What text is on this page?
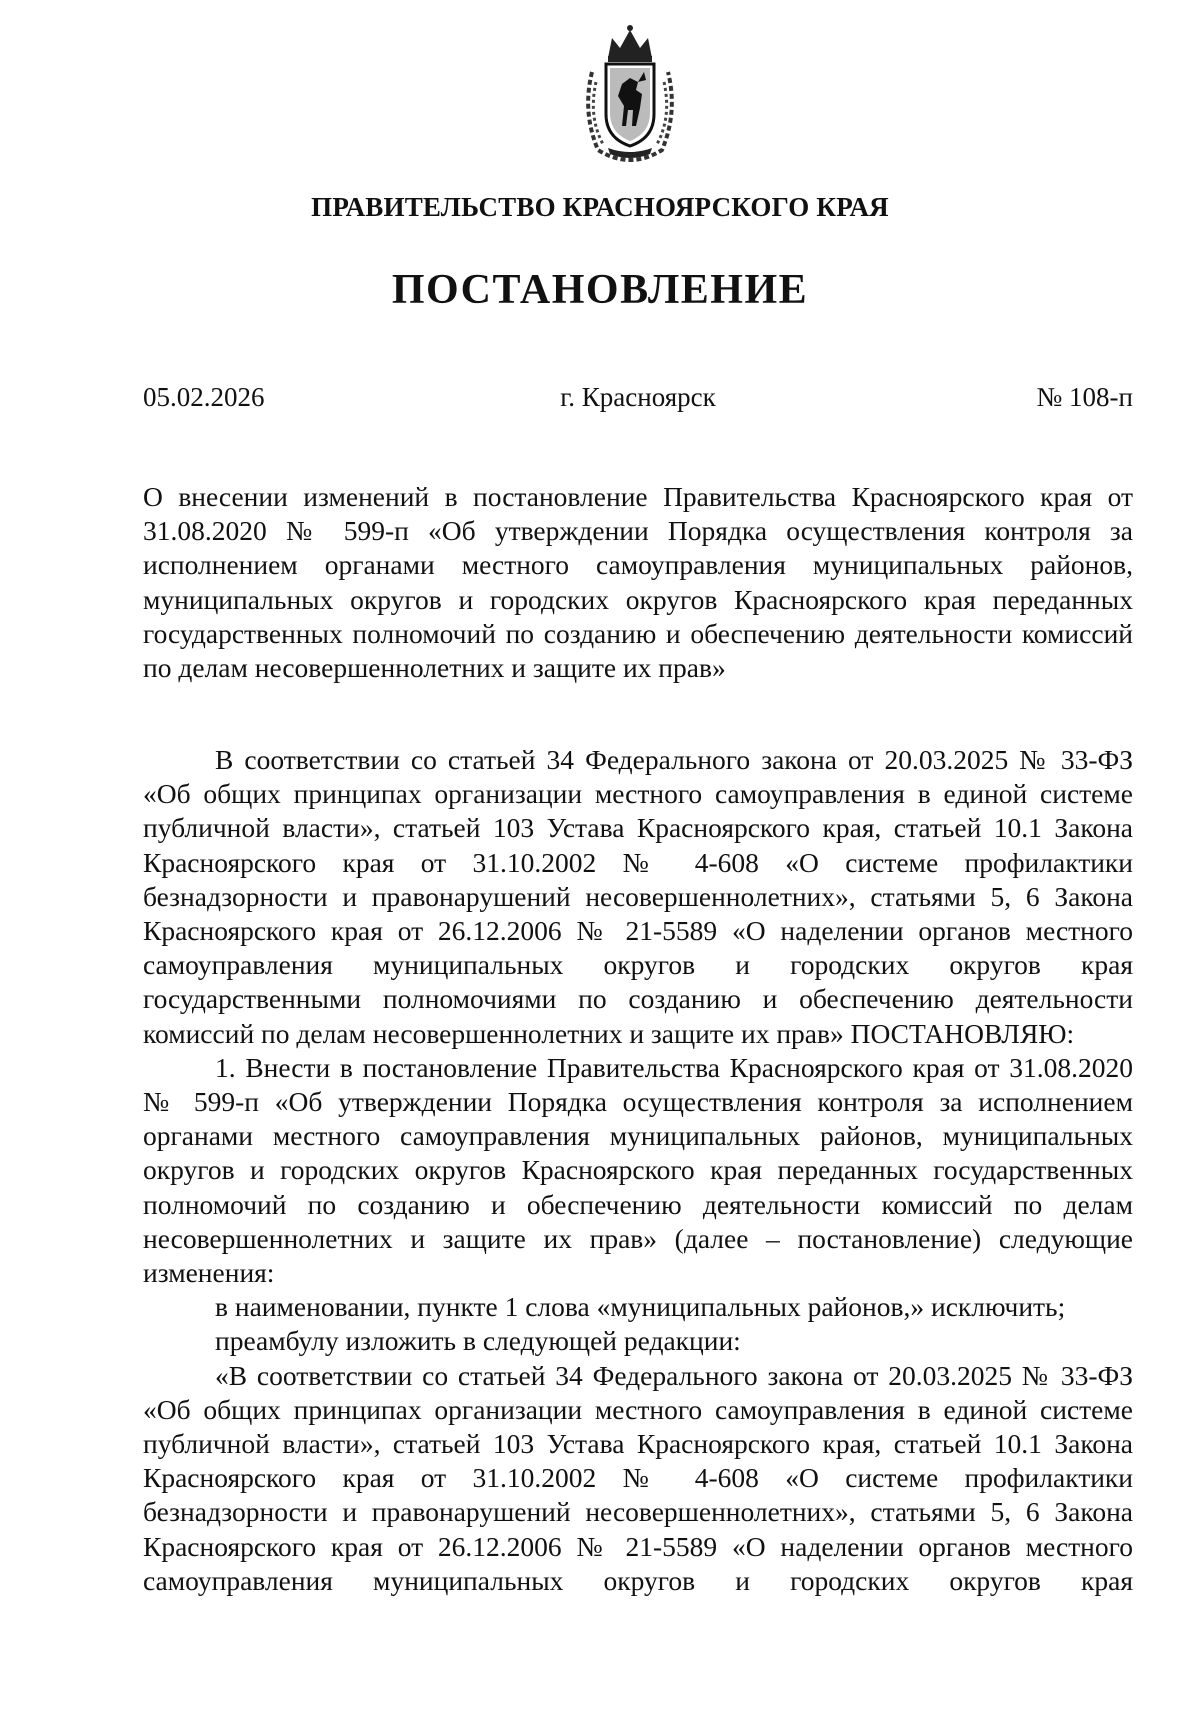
ПРАВИТЕЛЬСТВО КРАСНОЯРСКОГО КРАЯ
ПОСТАНОВЛЕНИЕ
05.02.2026	г. Красноярск	№ 108-п

О внесении изменений в постановление Правительства Красноярского края от 31.08.2020 № 599-п «Об утверждении Порядка осуществления контроля за исполнением органами местного самоуправления муниципальных районов, муниципальных округов и городских округов Красноярского края переданных государственных полномочий по созданию и обеспечению деятельности комиссий по делам несовершеннолетних и защите их прав»

В соответствии со статьей 34 Федерального закона от 20.03.2025 № 33-ФЗ «Об общих принципах организации местного самоуправления в единой системе публичной власти», статьей 103 Устава Красноярского края, статьей 10.1 Закона Красноярского края от 31.10.2002 № 4-608 «О системе профилактики безнадзорности и правонарушений несовершеннолетних», статьями 5, 6 Закона Красноярского края от 26.12.2006 № 21-5589 «О наделении органов местного самоуправления муниципальных округов и городских округов края государственными полномочиями по созданию и обеспечению деятельности комиссий по делам несовершеннолетних и защите их прав» ПОСТАНОВЛЯЮ:

1. Внести в постановление Правительства Красноярского края от 31.08.2020 № 599-п «Об утверждении Порядка осуществления контроля за исполнением органами местного самоуправления муниципальных районов, муниципальных округов и городских округов Красноярского края переданных государственных полномочий по созданию и обеспечению деятельности комиссий по делам несовершеннолетних и защите их прав» (далее – постановление) следующие изменения:

в наименовании, пункте 1 слова «муниципальных районов,» исключить;

преамбулу изложить в следующей редакции:

«В соответствии со статьей 34 Федерального закона от 20.03.2025 № 33-ФЗ «Об общих принципах организации местного самоуправления в единой системе публичной власти», статьей 103 Устава Красноярского края, статьей 10.1 Закона Красноярского края от 31.10.2002 № 4-608 «О системе профилактики безнадзорности и правонарушений несовершеннолетних», статьями 5, 6 Закона Красноярского края от 26.12.2006 № 21-5589 «О наделении органов местного самоуправления муниципальных округов и городских округов края
